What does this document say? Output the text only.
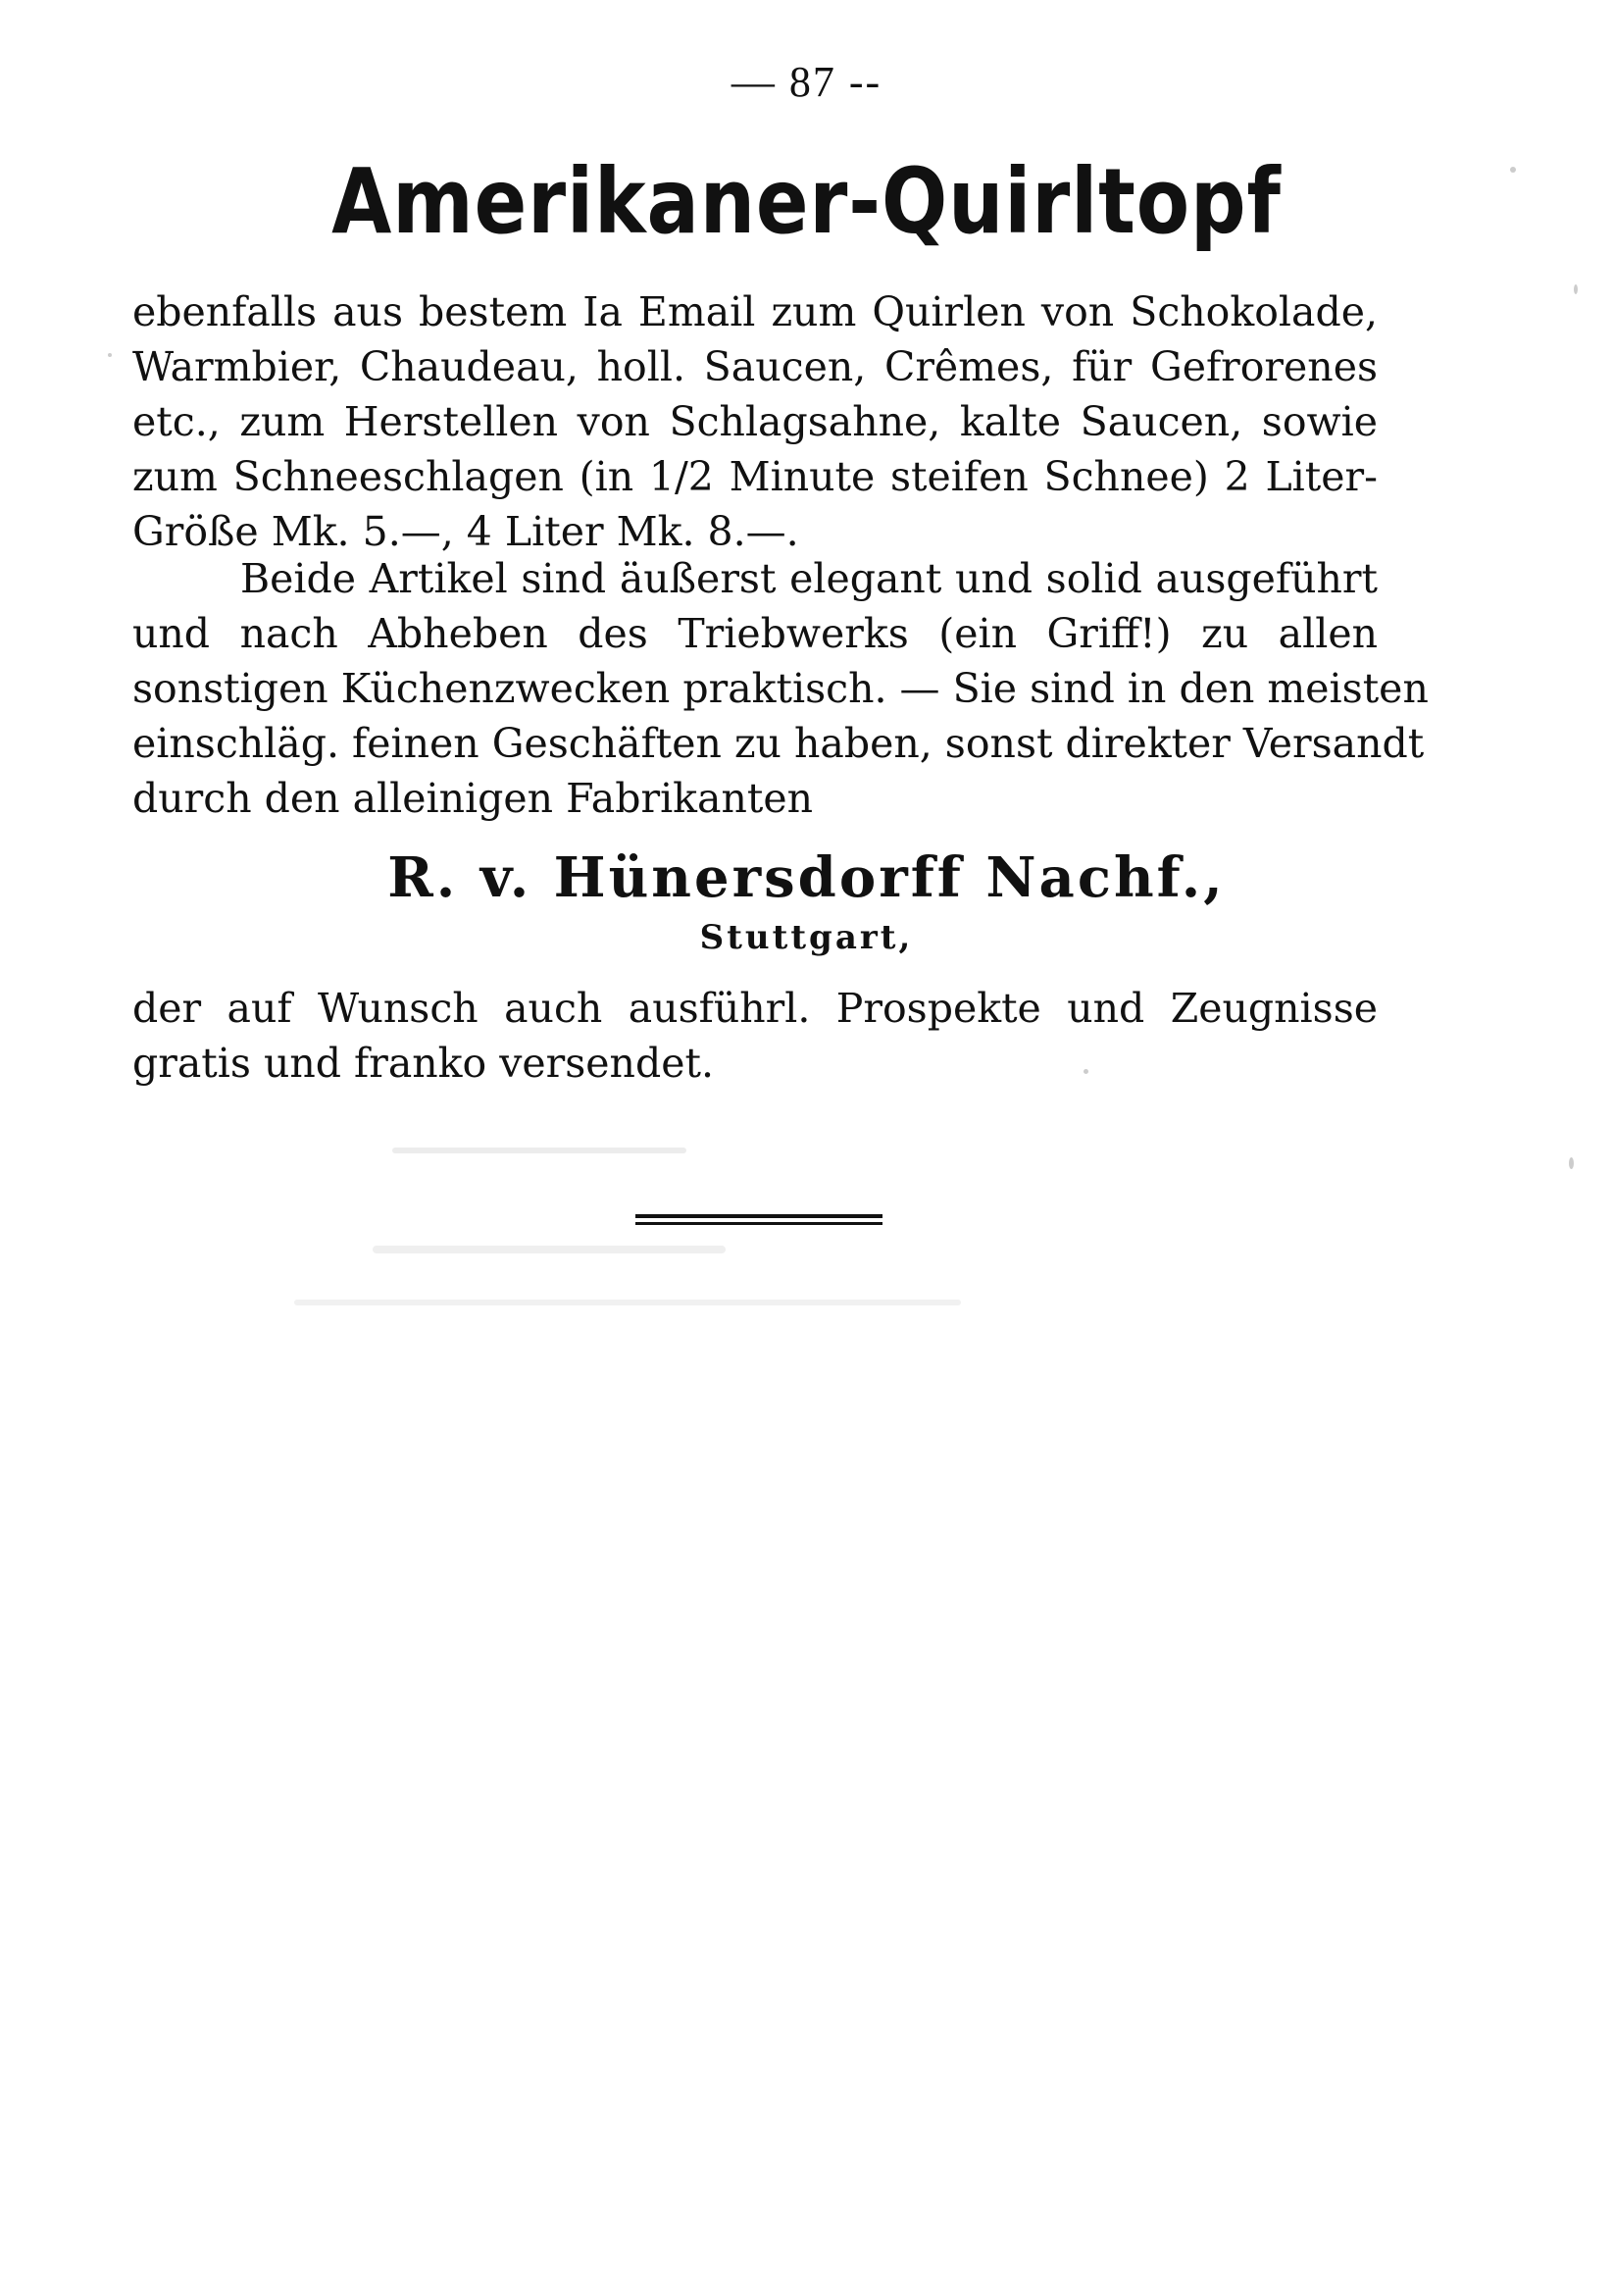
— 87 --
Amerikaner-Quirltopf
ebenfalls aus bestem Ia Email zum Quirlen von Schokolade,
Warmbier, Chaudeau, holl. Saucen, Crêmes, für Gefrorenes
etc., zum Herstellen von Schlagsahne, kalte Saucen, sowie
zum Schneeschlagen (in 1/2 Minute steifen Schnee) 2 Liter-
Größe Mk. 5.—, 4 Liter Mk. 8.—.
Beide Artikel sind äußerst elegant und solid ausgeführt
und nach Abheben des Triebwerks (ein Griff!) zu allen
sonstigen Küchenzwecken praktisch. — Sie sind in den meisten
einschläg. feinen Geschäften zu haben, sonst direkter Versandt
durch den alleinigen Fabrikanten
R. v. Hünersdorff Nachf.,
Stuttgart,
der auf Wunsch auch ausführl. Prospekte und Zeugnisse
gratis und franko versendet.
